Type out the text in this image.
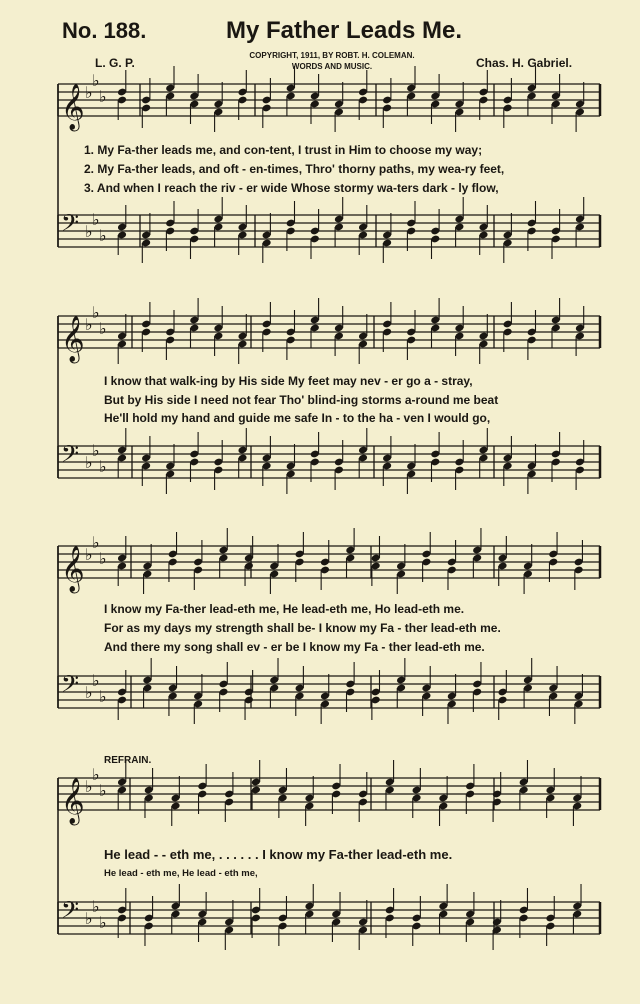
No. 188.	My Father Leads Me.
L. G. P.
COPYRIGHT, 1911, BY ROBT. H. COLEMAN.
WORDS AND MUSIC.	Chas. H. Gabriel.
𝄞 ♭
♭
♭
𝄢 ♭
♭
♭
𝄞 ♭
♭
♭
𝄢 ♭
♭
♭
𝄞 ♭
♭
♭
𝄢 ♭
♭
♭
𝄞 ♭
♭
♭
𝄢 ♭
♭
♭
1. My Fa-ther leads me, and con-tent, I trust in Him to choose my way;
2. My Fa-ther leads, and oft - en-times, Thro' thorny paths, my wea-ry feet,
3. And when I reach the riv - er wide Whose stormy wa-ters dark - ly flow,
I know that walk-ing by His side My feet may nev - er go a - stray,
But by His side I need not fear Tho' blind-ing storms a-round me beat
He'll hold my hand and guide me safe In - to the ha - ven I would go,
I know my Fa-ther lead-eth me, He lead-eth me, Ho lead-eth me.
For as my days my strength shall be- I know my Fa - ther lead-eth me.
And there my song shall ev - er be I know my Fa - ther lead-eth me.
REFRAIN.
He lead - - eth me, . . . . . . I know my Fa-ther lead-eth me.
He lead - eth me, He lead - eth me,
